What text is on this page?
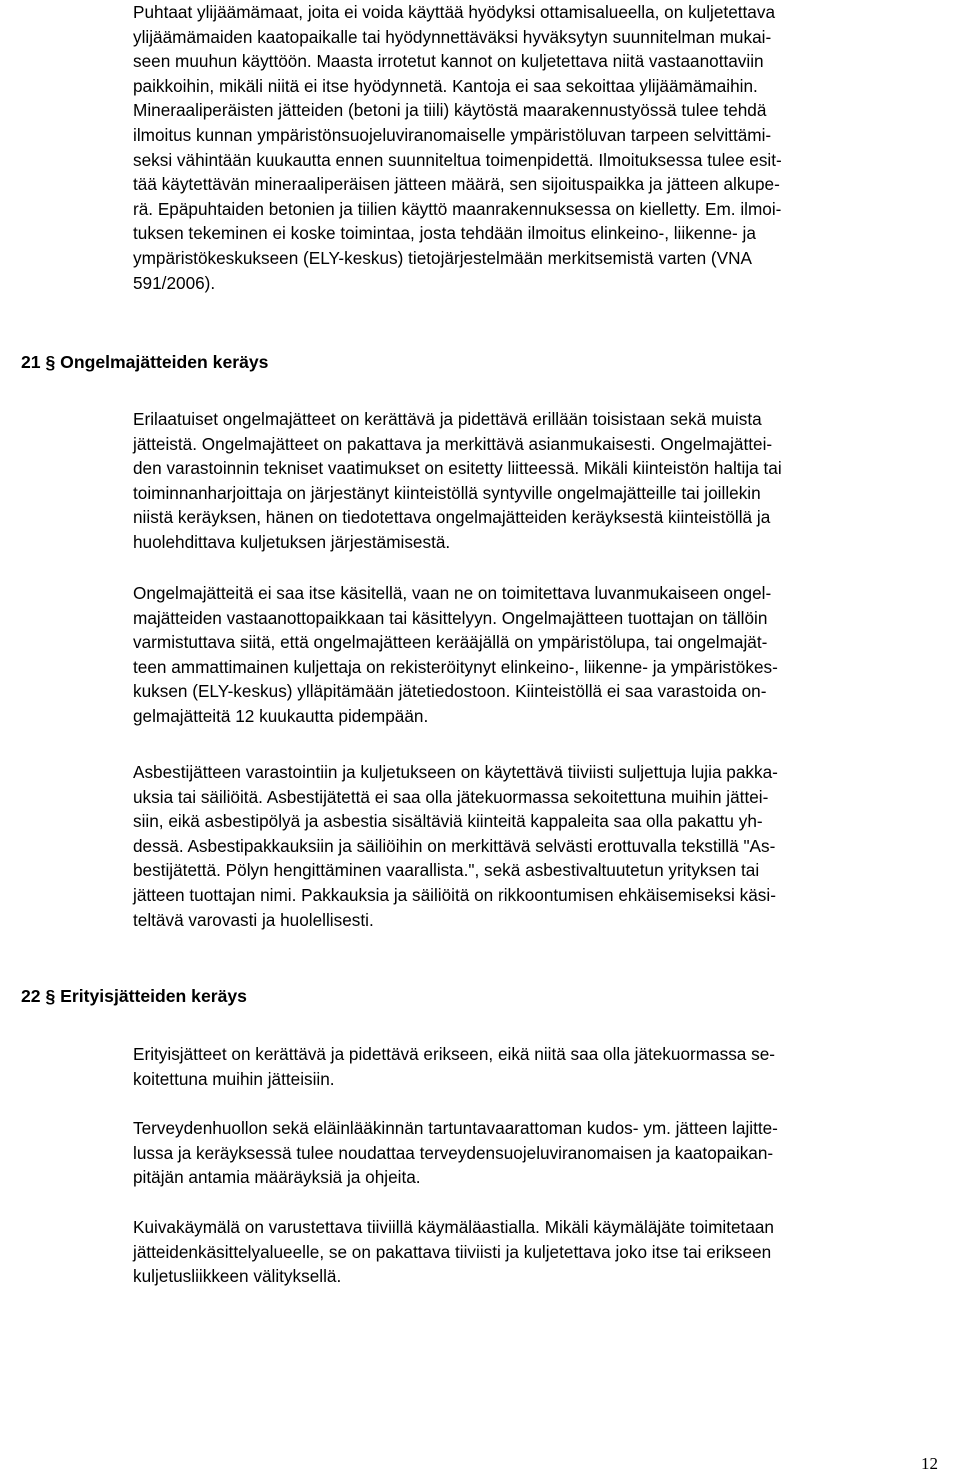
Puhtaat ylijäämämaat, joita ei voida käyttää hyödyksi ottamisalueella, on kuljetettava
ylijäämämaiden kaatopaikalle tai hyödynnettäväksi hyväksytyn suunnitelman mukai-
seen muuhun käyttöön. Maasta irrotetut kannot on kuljetettava niitä vastaanottaviin
paikkoihin, mikäli niitä ei itse hyödynnetä. Kantoja ei saa sekoittaa ylijäämämaihin.
Mineraaliperäisten jätteiden (betoni ja tiili) käytöstä maarakennustyössä tulee tehdä
ilmoitus kunnan ympäristönsuojeluviranomaiselle ympäristöluvan tarpeen selvittämi-
seksi vähintään kuukautta ennen suunniteltua toimenpidettä. Ilmoituksessa tulee esit-
tää käytettävän mineraaliperäisen jätteen määrä, sen sijoituspaikka ja jätteen alkupe-
rä. Epäpuhtaiden betonien ja tiilien käyttö maanrakennuksessa on kielletty. Em. ilmoi-
tuksen tekeminen ei koske toimintaa, josta tehdään ilmoitus elinkeino-, liikenne- ja
ympäristökeskukseen (ELY-keskus) tietojärjestelmään merkitsemistä varten (VNA
591/2006).

21 § Ongelmajätteiden keräys

Erilaatuiset ongelmajätteet on kerättävä ja pidettävä erillään toisistaan sekä muista
jätteistä. Ongelmajätteet on pakattava ja merkittävä asianmukaisesti. Ongelmajättei-
den varastoinnin tekniset vaatimukset on esitetty liitteessä. Mikäli kiinteistön haltija tai
toiminnanharjoittaja on järjestänyt kiinteistöllä syntyville ongelmajätteille tai joillekin
niistä keräyksen, hänen on tiedotettava ongelmajätteiden keräyksestä kiinteistöllä ja
huolehdittava kuljetuksen järjestämisestä.

Ongelmajätteitä ei saa itse käsitellä, vaan ne on toimitettava luvanmukaiseen ongel-
majätteiden vastaanottopaikkaan tai käsittelyyn. Ongelmajätteen tuottajan on tällöin
varmistuttava siitä, että ongelmajätteen kerääjällä on ympäristölupa, tai ongelmajät-
teen ammattimainen kuljettaja on rekisteröitynyt elinkeino-, liikenne- ja ympäristökes-
kuksen (ELY-keskus) ylläpitämään jätetiedostoon. Kiinteistöllä ei saa varastoida on-
gelmajätteitä 12 kuukautta pidempään.

Asbestijätteen varastointiin ja kuljetukseen on käytettävä tiiviisti suljettuja lujia pakka-
uksia tai säiliöitä. Asbestijätettä ei saa olla jätekuormassa sekoitettuna muihin jättei-
siin, eikä asbestipölyä ja asbestia sisältäviä kiinteitä kappaleita saa olla pakattu yh-
dessä. Asbestipakkauksiin ja säiliöihin on merkittävä selvästi erottuvalla tekstillä "As-
bestijätettä. Pölyn hengittäminen vaarallista.", sekä asbestivaltuutetun yrityksen tai
jätteen tuottajan nimi. Pakkauksia ja säiliöitä on rikkoontumisen ehkäisemiseksi käsi-
teltävä varovasti ja huolellisesti.

22 § Erityisjätteiden keräys

Erityisjätteet on kerättävä ja pidettävä erikseen, eikä niitä saa olla jätekuormassa se-
koitettuna muihin jätteisiin.

Terveydenhuollon sekä eläinlääkinnän tartuntavaarattoman kudos- ym. jätteen lajitte-
lussa ja keräyksessä tulee noudattaa terveydensuojeluviranomaisen ja kaatopaikan-
pitäjän antamia määräyksiä ja ohjeita.

Kuivakäymälä on varustettava tiiviillä käymäläastialla. Mikäli käymäläjäte toimitetaan
jätteidenkäsittelyalueelle, se on pakattava tiiviisti ja kuljetettava joko itse tai erikseen
kuljetusliikkeen välityksellä.

12
